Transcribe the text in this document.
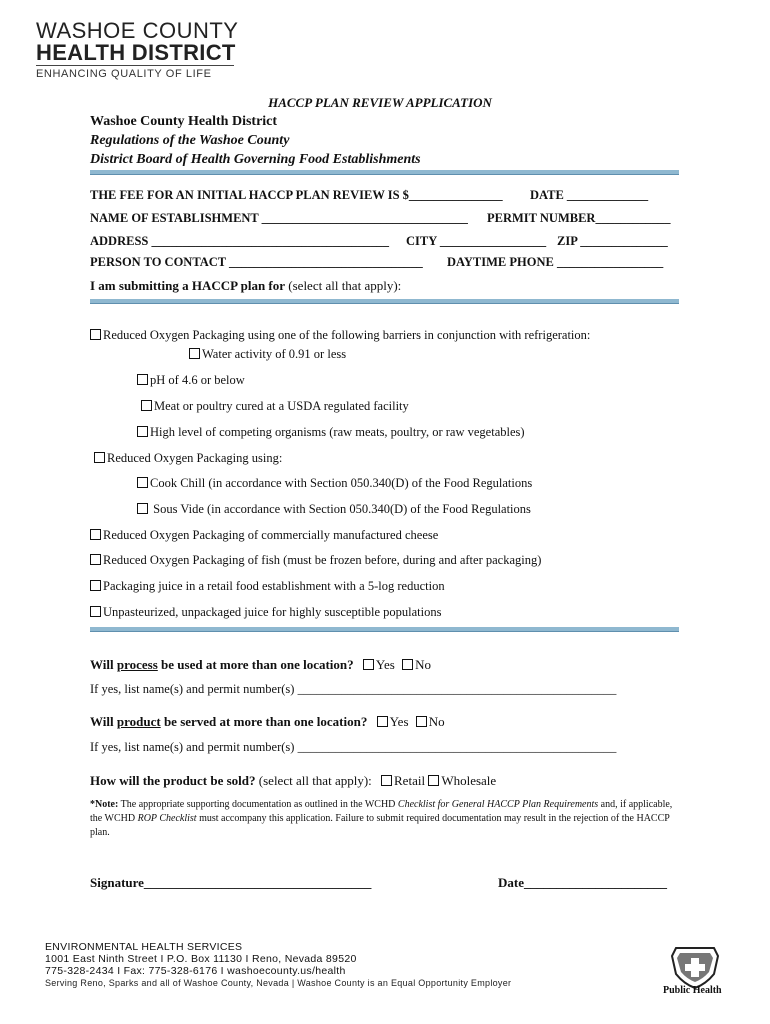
WASHOE COUNTY
HEALTH DISTRICT
ENHANCING QUALITY OF LIFE
HACCP PLAN REVIEW APPLICATION
Washoe County Health District
Regulations of the Washoe County
District Board of Health Governing Food Establishments
THE FEE FOR AN INITIAL HACCP PLAN REVIEW IS $_______________ DATE _____________
NAME OF ESTABLISHMENT _________________________________ PERMIT NUMBER____________
ADDRESS ______________________________________ CITY _________________ ZIP ______________
PERSON TO CONTACT _______________________________ DAYTIME PHONE _________________
I am submitting a HACCP plan for (select all that apply):
Reduced Oxygen Packaging using one of the following barriers in conjunction with refrigeration:
Water activity of 0.91 or less
pH of 4.6 or below
Meat or poultry cured at a USDA regulated facility
High level of competing organisms (raw meats, poultry, or raw vegetables)
Reduced Oxygen Packaging using:
Cook Chill (in accordance with Section 050.340(D) of the Food Regulations
Sous Vide (in accordance with Section 050.340(D) of the Food Regulations
Reduced Oxygen Packaging of commercially manufactured cheese
Reduced Oxygen Packaging of fish (must be frozen before, during and after packaging)
Packaging juice in a retail food establishment with a 5-log reduction
Unpasteurized, unpackaged juice for highly susceptible populations
Will process be used at more than one location? Yes No
If yes, list name(s) and permit number(s) ___________________________________________________
Will product be served at more than one location? Yes No
If yes, list name(s) and permit number(s) ___________________________________________________
How will the product be sold? (select all that apply): Retail Wholesale
*Note: The appropriate supporting documentation as outlined in the WCHD Checklist for General HACCP Plan Requirements and, if applicable, the WCHD ROP Checklist must accompany this application. Failure to submit required documentation may result in the rejection of the HACCP plan.
Signature___________________________________	Date______________________
ENVIRONMENTAL HEALTH SERVICES
1001 East Ninth Street I P.O. Box 11130 I Reno, Nevada 89520
775-328-2434 I Fax: 775-328-6176 I washoecounty.us/health
Serving Reno, Sparks and all of Washoe County, Nevada | Washoe County is an Equal Opportunity Employer
Public Health
